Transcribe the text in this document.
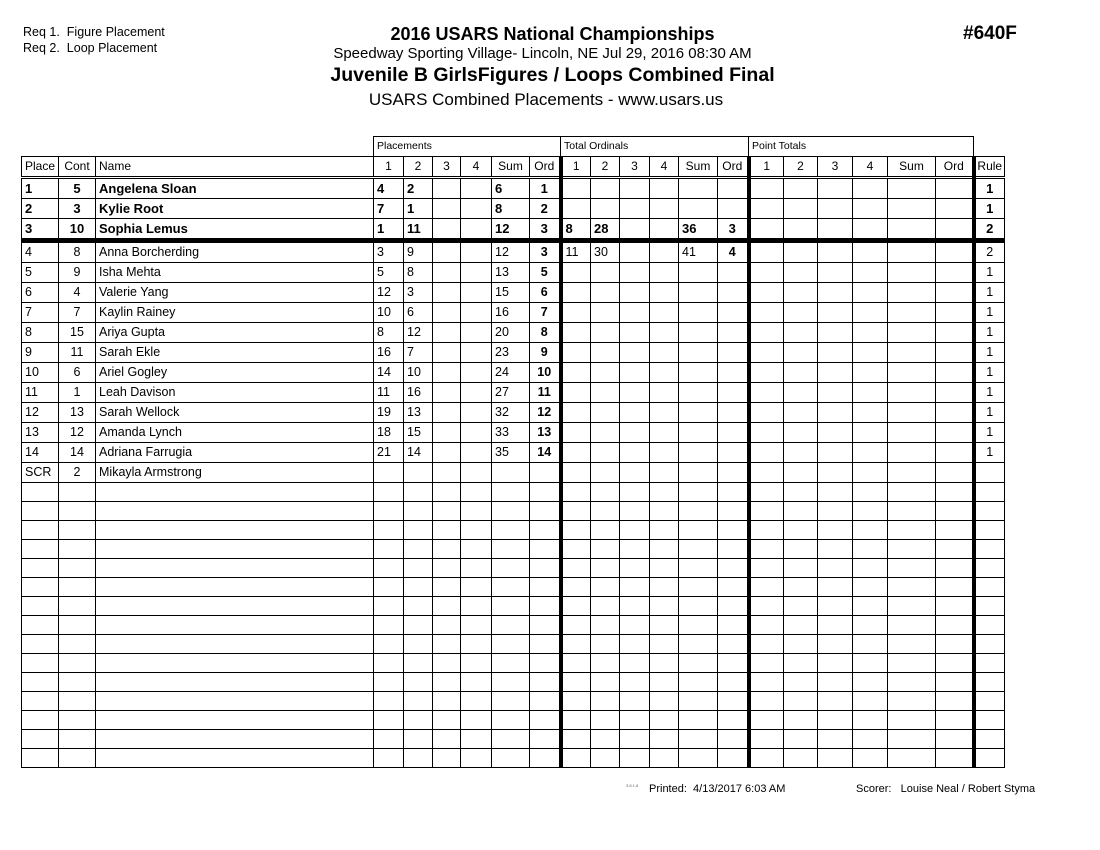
Req 1. Figure Placement
Req 2. Loop Placement
2016 USARS National Championships
Speedway Sporting Village- Lincoln, NE Jul 29, 2016 08:30 AM
Juvenile B GirlsFigures / Loops Combined Final
USARS Combined Placements - www.usars.us
#640F
Placements	Total Ordinals	Point Totals
Place	Cont	Name	1	2	3	4	Sum	Ord	1	2	3	4	Sum	Ord	1	2	3	4	Sum	Ord	Rule
1	5	Angelena Sloan	4	2			6	1													1
2	3	Kylie Root	7	1			8	2													1
3	10	Sophia Lemus	1	11			12	3	8	28			36	3							2
4	8	Anna Borcherding	3	9			12	3	11	30			41	4							2
5	9	Isha Mehta	5	8			13	5													1
6	4	Valerie Yang	12	3			15	6													1
7	7	Kaylin Rainey	10	6			16	7													1
8	15	Ariya Gupta	8	12			20	8													1
9	11	Sarah Ekle	16	7			23	9													1
10	6	Ariel Gogley	14	10			24	10													1
11	1	Leah Davison	11	16			27	11													1
12	13	Sarah Wellock	19	13			32	12													1
13	12	Amanda Lynch	18	15			33	13													1
14	14	Adriana Farrugia	21	14			35	14													1
SCR	2	Mikayla Armstrong																			

3.8.1.8 Printed: 4/13/2017 6:03 AM	Scorer: Louise Neal / Robert Styma
